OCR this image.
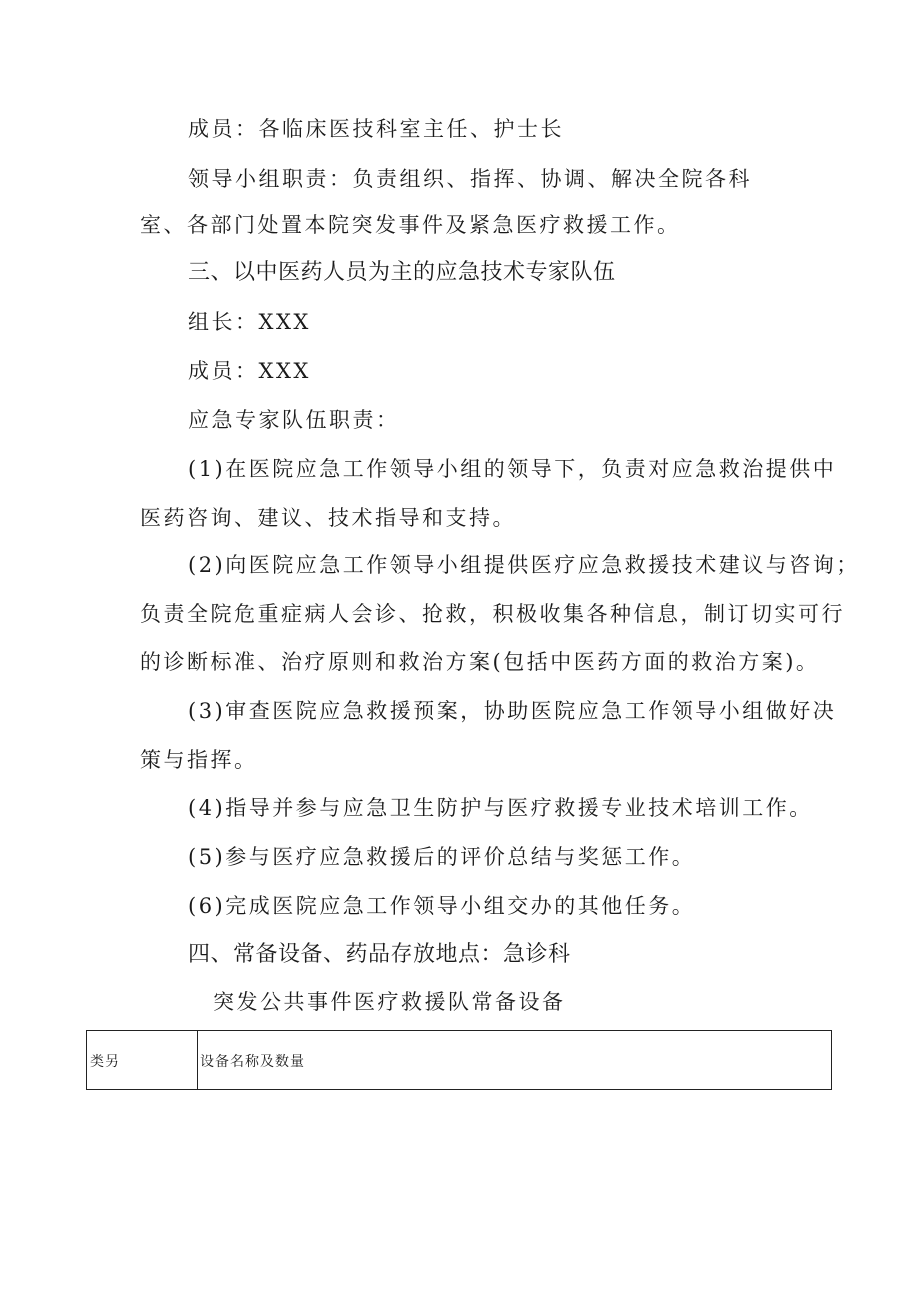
成员：各临床医技科室主任、护士长
领导小组职责：负责组织、指挥、协调、解决全院各科
室、各部门处置本院突发事件及紧急医疗救援工作。
三、以中医药人员为主的应急技术专家队伍
组长：XXX
成员：XXX
应急专家队伍职责：
(1)在医院应急工作领导小组的领导下，负责对应急救治提供中
医药咨询、建议、技术指导和支持。
(2)向医院应急工作领导小组提供医疗应急救援技术建议与咨询；
负责全院危重症病人会诊、抢救，积极收集各种信息，制订切实可行
的诊断标准、治疗原则和救治方案(包括中医药方面的救治方案)。
(3)审查医院应急救援预案，协助医院应急工作领导小组做好决
策与指挥。
(4)指导并参与应急卫生防护与医疗救援专业技术培训工作。
(5)参与医疗应急救援后的评价总结与奖惩工作。
(6)完成医院应急工作领导小组交办的其他任务。
四、常备设备、药品存放地点：急诊科
突发公共事件医疗救援队常备设备
类另	设备名称及数量
